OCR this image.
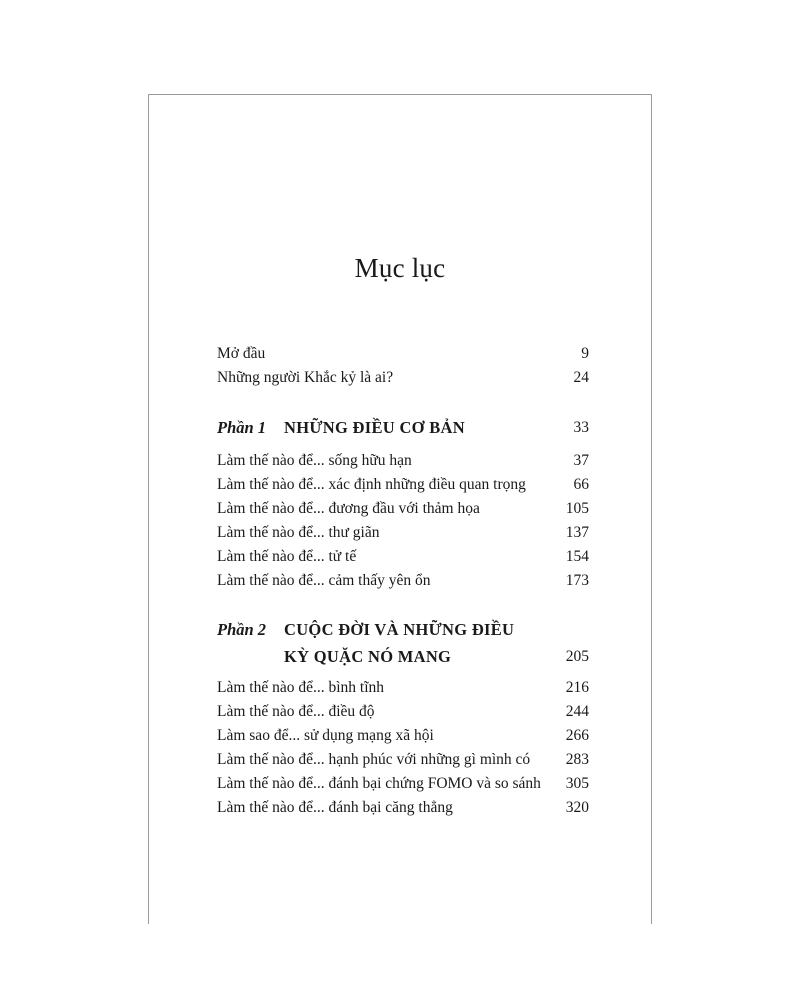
Mục lục
Mở đầu	9
Những người Khắc kỷ là ai?	24
Phần 1 NHỮNG ĐIỀU CƠ BẢN	33
Làm thế nào để... sống hữu hạn	37
Làm thế nào để... xác định những điều quan trọng	66
Làm thế nào để... đương đầu với thảm họa	105
Làm thế nào để... thư giãn	137
Làm thế nào để... tử tế	154
Làm thế nào để... cảm thấy yên ổn	173
Phần 2 CUỘC ĐỜI VÀ NHỮNG ĐIỀU
KỲ QUẶC NÓ MANG	205
Làm thế nào để... bình tĩnh	216
Làm thế nào để... điều độ	244
Làm sao để... sử dụng mạng xã hội	266
Làm thế nào để... hạnh phúc với những gì mình có 283
Làm thế nào để... đánh bại chứng FOMO và so sánh 305
Làm thế nào để... đánh bại căng thẳng	320
